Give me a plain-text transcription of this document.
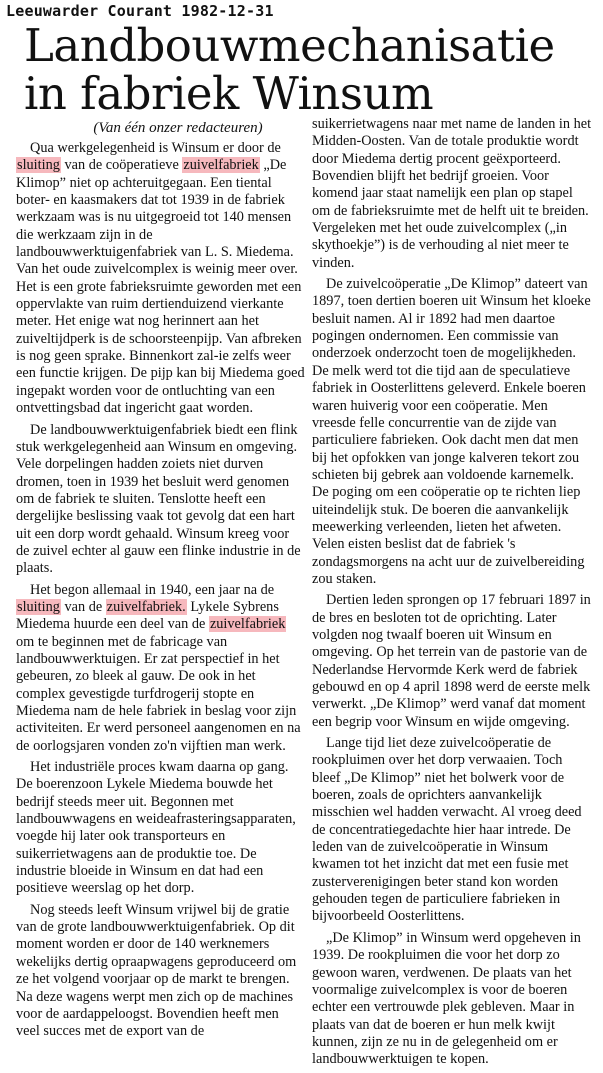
Leeuwarder Courant 1982-12-31
Landbouwmechanisatie in fabriek Winsum
(Van één onzer redacteuren)

Qua werkgelegenheid is Winsum er door de sluiting van de coöperatieve zuivelfabriek „De Klimop” niet op achteruitgegaan. Een tiental boter- en kaasmakers dat tot 1939 in de fabriek werkzaam was is nu uitgegroeid tot 140 mensen die werkzaam zijn in de landbouwwerktuigenfabriek van L. S. Miedema. Van het oude zuivelcomplex is weinig meer over. Het is een grote fabrieksruimte geworden met een oppervlakte van ruim dertienduizend vierkante meter. Het enige wat nog herinnert aan het zuiveltijdperk is de schoorsteenpijp. Van afbreken is nog geen sprake. Binnenkort zal-ie zelfs weer een functie krijgen. De pijp kan bij Miedema goed ingepakt worden voor de ontluchting van een ontvettingsbad dat ingericht gaat worden.

De landbouwwerktuigenfabriek biedt een flink stuk werkgelegenheid aan Winsum en omgeving. Vele dorpelingen hadden zoiets niet durven dromen, toen in 1939 het besluit werd genomen om de fabriek te sluiten. Tenslotte heeft een dergelijke beslissing vaak tot gevolg dat een hart uit een dorp wordt gehaald. Winsum kreeg voor de zuivel echter al gauw een flinke industrie in de plaats.

Het begon allemaal in 1940, een jaar na de sluiting van de zuivelfabriek. Lykele Sybrens Miedema huurde een deel van de zuivelfabriek om te beginnen met de fabricage van landbouwwerktuigen. Er zat perspectief in het gebeuren, zo bleek al gauw. De ook in het complex gevestigde turfdrogerij stopte en Miedema nam de hele fabriek in beslag voor zijn activiteiten. Er werd personeel aangenomen en na de oorlogsjaren vonden zo'n vijftien man werk.

Het industriële proces kwam daarna op gang. De boerenzoon Lykele Miedema bouwde het bedrijf steeds meer uit. Begonnen met landbouwwagens en weideafrasteringsapparaten, voegde hij later ook transporteurs en suikerrietwagens aan de produktie toe. De industrie bloeide in Winsum en dat had een positieve weerslag op het dorp.

Nog steeds leeft Winsum vrijwel bij de gratie van de grote landbouwwerktuigenfabriek. Op dit moment worden er door de 140 werknemers wekelijks dertig opraapwagens geproduceerd om ze het volgend voorjaar op de markt te brengen. Na deze wagens werpt men zich op de machines voor de aardappeloogst. Bovendien heeft men veel succes met de export van de

suikerrietwagens naar met name de landen in het Midden-Oosten. Van de totale produktie wordt door Miedema dertig procent geëxporteerd. Bovendien blijft het bedrijf groeien. Voor komend jaar staat namelijk een plan op stapel om de fabrieksruimte met de helft uit te breiden. Vergeleken met het oude zuivelcomplex („in skythoekje”) is de verhouding al niet meer te vinden.

De zuivelcoöperatie „De Klimop” dateert van 1897, toen dertien boeren uit Winsum het kloeke besluit namen. Al ir 1892 had men daartoe pogingen ondernomen. Een commissie van onderzoek onderzocht toen de mogelijkheden. De melk werd tot die tijd aan de speculatieve fabriek in Oosterlittens geleverd. Enkele boeren waren huiverig voor een coöperatie. Men vreesde felle concurrentie van de zijde van particuliere fabrieken. Ook dacht men dat men bij het opfokken van jonge kalveren tekort zou schieten bij gebrek aan voldoende karnemelk. De poging om een coöperatie op te richten liep uiteindelijk stuk. De boeren die aanvankelijk meewerking verleenden, lieten het afweten. Velen eisten beslist dat de fabriek 's zondagsmorgens na acht uur de zuivelbereiding zou staken.

Dertien leden sprongen op 17 februari 1897 in de bres en besloten tot de oprichting. Later volgden nog twaalf boeren uit Winsum en omgeving. Op het terrein van de pastorie van de Nederlandse Hervormde Kerk werd de fabriek gebouwd en op 4 april 1898 werd de eerste melk verwerkt. „De Klimop” werd vanaf dat moment een begrip voor Winsum en wijde omgeving.

Lange tijd liet deze zuivelcoöperatie de rookpluimen over het dorp verwaaien. Toch bleef „De Klimop” niet het bolwerk voor de boeren, zoals de oprichters aanvankelijk misschien wel hadden verwacht. Al vroeg deed de concentratiegedachte hier haar intrede. De leden van de zuivelcoöperatie in Winsum kwamen tot het inzicht dat met een fusie met zusterverenigingen beter stand kon worden gehouden tegen de particuliere fabrieken in bijvoorbeeld Oosterlittens.

„De Klimop” in Winsum werd opgeheven in 1939. De rookpluimen die voor het dorp zo gewoon waren, verdwenen. De plaats van het voormalige zuivelcomplex is voor de boeren echter een vertrouwde plek gebleven. Maar in plaats van dat de boeren er hun melk kwijt kunnen, zijn ze nu in de gelegenheid om er landbouwwerktuigen te kopen.
